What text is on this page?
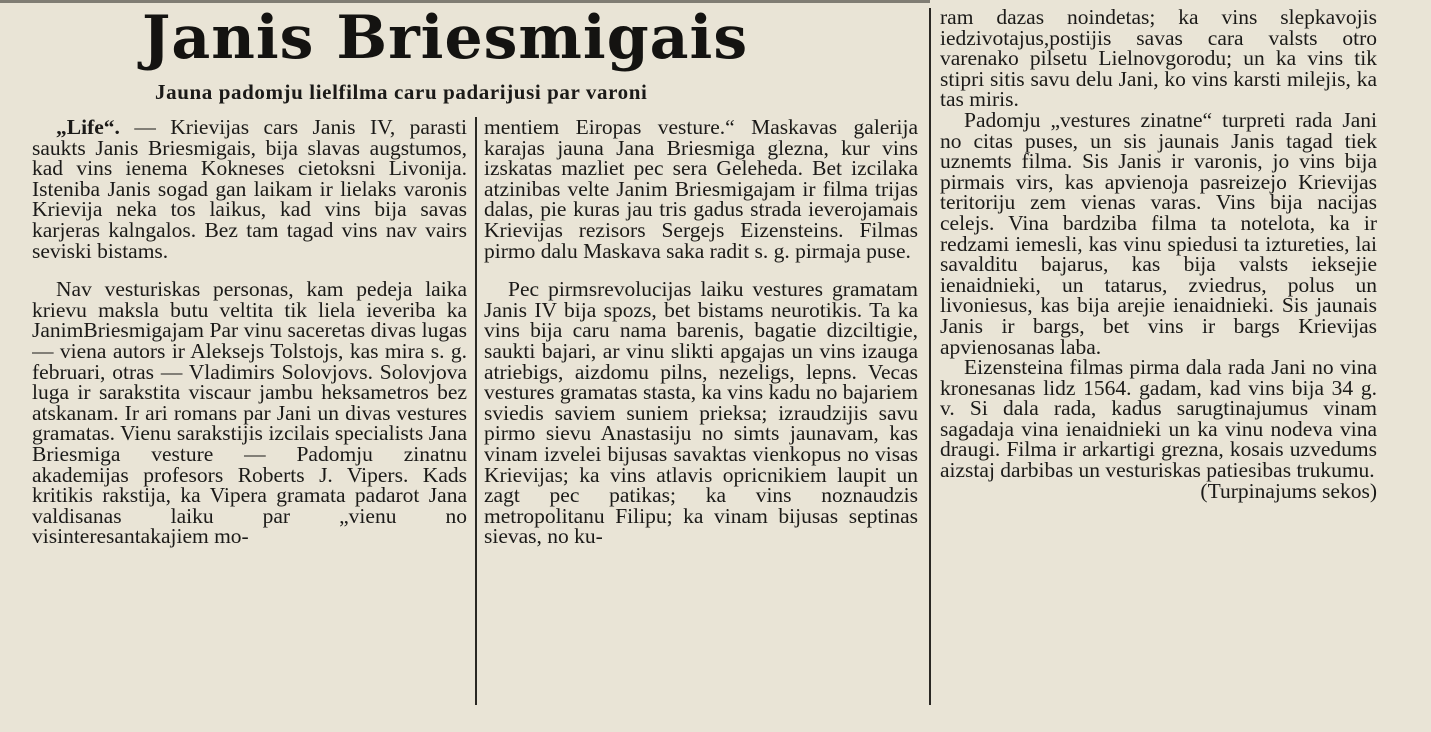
Janis Briesmigais
Jauna padomju lielfilma caru padarijusi par varoni

„Life“. — Krievijas cars Janis IV, parasti saukts Janis Briesmigais, bija slavas augstumos, kad vins ienema Kokneses cietoksni Livonija. Isteniba Janis sogad gan laikam ir lielaks varonis Krievija neka tos laikus, kad vins bija savas karjeras kalngalos. Bez tam tagad vins nav vairs seviski bistams.

Nav vesturiskas personas, kam pedeja laika krievu maksla butu veltita tik liela ieveriba ka JanimBriesmigajam Par vinu saceretas divas lugas — viena autors ir Aleksejs Tolstojs, kas mira s. g. februari, otras — Vladimirs Solovjovs. Solovjova luga ir sarakstita viscaur jambu heksametros bez atskanam. Ir ari romans par Jani un divas vestures gramatas. Vienu sarakstijis izcilais specialists Jana Briesmiga vesture — Padomju zinatnu akademijas profesors Roberts J. Vipers. Kads kritikis rakstija, ka Vipera gramata padarot Jana valdisanas laiku par „vienu no visinteresantakajiem mo-

mentiem Eiropas vesture.“ Maskavas galerija karajas jauna Jana Briesmiga glezna, kur vins izskatas mazliet pec sera Geleheda. Bet izcilaka atzinibas velte Janim Briesmigajam ir filma trijas dalas, pie kuras jau tris gadus strada ieverojamais Krievijas rezisors Sergejs Eizensteins. Filmas pirmo dalu Maskava saka radit s. g. pirmaja puse.

Pec pirmsrevolucijas laiku vestures gramatam Janis IV bija spozs, bet bistams neurotikis. Ta ka vins bija caru nama barenis, bagatie dizciltigie, saukti bajari, ar vinu slikti apgajas un vins izauga atriebigs, aizdomu pilns, nezeligs, lepns. Vecas vestures gramatas stasta, ka vins kadu no bajariem sviedis saviem suniem prieksa; izraudzijis savu pirmo sievu Anastasiju no simts jaunavam, kas vinam izvelei bijusas savaktas vienkopus no visas Krievijas; ka vins atlavis opricnikiem laupit un zagt pec patikas; ka vins noznaudzis metropolitanu Filipu; ka vinam bijusas septinas sievas, no ku-

ram dazas noindetas; ka vins slepkavojis iedzivotajus,postijis savas cara valsts otro varenako pilsetu Lielnovgorodu; un ka vins tik stipri sitis savu delu Jani, ko vins karsti milejis, ka tas miris.

Padomju „vestures zinatne“ turpreti rada Jani no citas puses, un sis jaunais Janis tagad tiek uznemts filma. Sis Janis ir varonis, jo vins bija pirmais virs, kas apvienoja pasreizejo Krievijas teritoriju zem vienas varas. Vins bija nacijas celejs. Vina bardziba filma ta notelota, ka ir redzami iemesli, kas vinu spiedusi ta iztureties, lai savalditu bajarus, kas bija valsts ieksejie ienaidnieki, un tatarus, zviedrus, polus un livoniesus, kas bija arejie ienaidnieki. Sis jaunais Janis ir bargs, bet vins ir bargs Krievijas apvienosanas laba.

Eizensteina filmas pirma dala rada Jani no vina kronesanas lidz 1564. gadam, kad vins bija 34 g. v. Si dala rada, kadus sarugtinajumus vinam sagadaja vina ienaidnieki un ka vinu nodeva vina draugi. Filma ir arkartigi grezna, kosais uzvedums aizstaj darbibas un vesturiskas patiesibas trukumu.
(Turpinajums sekos)
